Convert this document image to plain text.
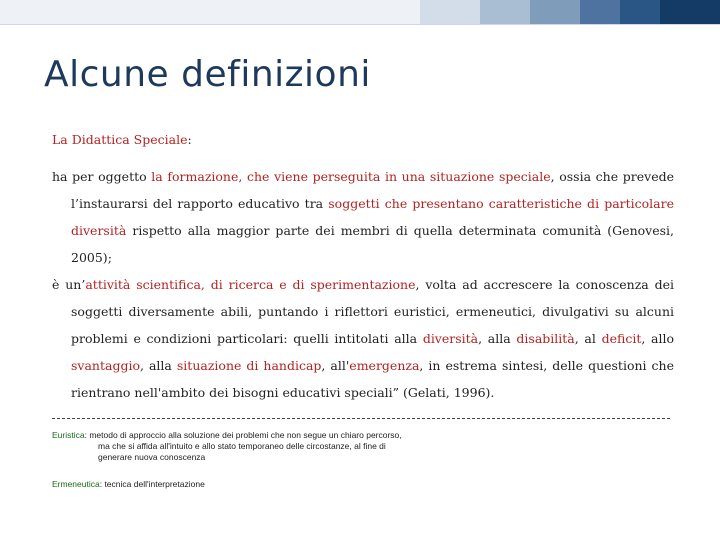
Alcune definizioni

La Didattica Speciale:

ha per oggetto la formazione, che viene perseguita in una situazione speciale, ossia che prevede l’instaurarsi del rapporto educativo tra soggetti che presentano caratteristiche di particolare diversità rispetto alla maggior parte dei membri di quella determinata comunità (Genovesi, 2005);

è un’attività scientifica, di ricerca e di sperimentazione, volta ad accrescere la conoscenza dei soggetti diversamente abili, puntando i riflettori euristici, ermeneutici, divulgativi su alcuni problemi e condizioni particolari: quelli intitolati alla diversità, alla disabilità, al deficit, allo svantaggio, alla situazione di handicap, all'emergenza, in estrema sintesi, delle questioni che rientrano nell'ambito dei bisogni educativi speciali” (Gelati, 1996).

Euristica: metodo di approccio alla soluzione dei problemi che non segue un chiaro percorso,
ma che si affida all'intuito e allo stato temporaneo delle circostanze, al fine di
generare nuova conoscenza
Ermeneutica: tecnica dell'interpretazione
